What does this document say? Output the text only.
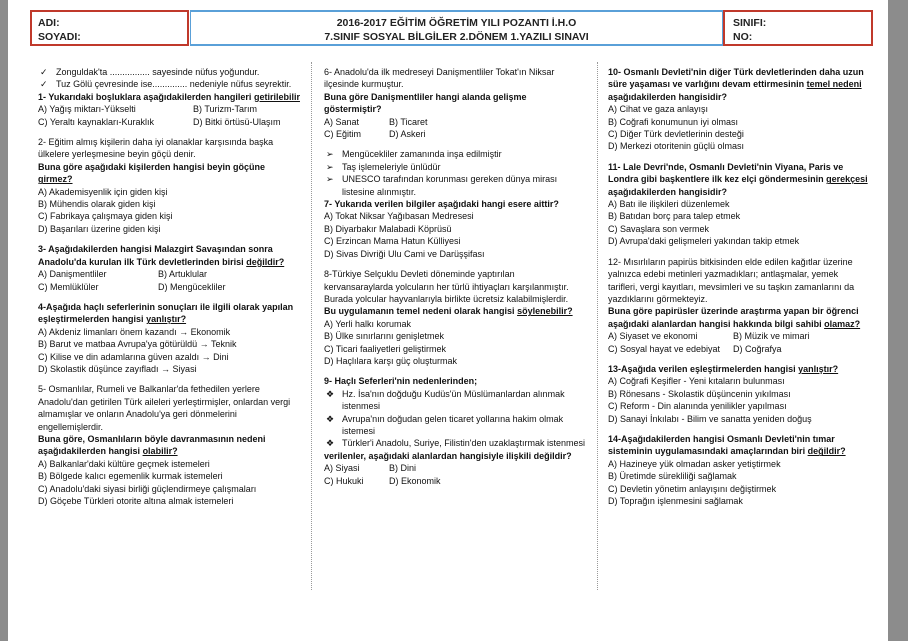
ADI:
SOYADI:
2016-2017 EĞİTİM ÖĞRETİM YILI POZANTI İ.H.O
7.SINIF SOSYAL BİLGİLER 2.DÖNEM 1.YAZILI SINAVI
SINIFI:
NO:

✓ Zonguldak'ta ................ sayesinde nüfus yoğundur.

✓ Tuz Gölü çevresinde ise.............. nedeniyle nüfus seyrektir.

1- Yukarıdaki boşluklara aşağıdakilerden hangileri getirilebilir

A) Yağış miktarı-Yükselti	B) Turizm-Tarım

C) Yeraltı kaynakları-Kuraklık	D) Bitki örtüsü-Ulaşım

2- Eğitim almış kişilerin daha iyi olanaklar karşısında başka ülkelere yerleşmesine beyin göçü denir.

Buna göre aşağıdaki kişilerden hangisi beyin göçüne girmez?

A) Akademisyenlik için giden kişi

B) Mühendis olarak giden kişi

C) Fabrikaya çalışmaya giden kişi

D) Başarıları üzerine giden kişi

3- Aşağıdakilerden hangisi Malazgirt Savaşından sonra Anadolu'da kurulan ilk Türk devletlerinden birisi değildir?

A) Danişmentliler	B) Artuklular

C) Memlüklüler	D) Mengücekliler

4-Aşağıda haçlı seferlerinin sonuçları ile ilgili olarak yapılan eşleştirmelerden hangisi yanlıştır?

A) Akdeniz limanları önem kazandı → Ekonomik

B) Barut ve matbaa Avrupa'ya götürüldü → Teknik

C) Kilise ve din adamlarına güven azaldı → Dini

D) Skolastik düşünce zayıfladı → Siyasi

5- Osmanlılar, Rumeli ve Balkanlar'da fethedilen yerlere Anadolu'dan getirilen Türk aileleri yerleştirmişler, onlardan vergi almamışlar ve onların Anadolu'ya geri dönmelerini engellemişlerdir.

Buna göre, Osmanlıların böyle davranmasının nedeni aşağıdakilerden hangisi olabilir?

A) Balkanlar'daki kültüre geçmek istemeleri

B) Bölgede kalıcı egemenlik kurmak istemeleri

C) Anadolu'daki siyasi birliği güçlendirmeye çalışmaları

D) Göçebe Türkleri otorite altına almak istemeleri

6- Anadolu'da ilk medreseyi Danişmentliler Tokat'ın Niksar ilçesinde kurmuştur.

Buna göre Danişmentliler hangi alanda gelişme göstermiştir?

A) Sanat	B) Ticaret

C) Eğitim	D) Askeri

➢ Mengücekliler zamanında inşa edilmiştir

➢ Taş işlemeleriyle ünlüdür

➢ UNESCO tarafından korunması gereken dünya mirası listesine alınmıştır.

7- Yukarıda verilen bilgiler aşağıdaki hangi esere aittir?

A) Tokat Niksar Yağıbasan Medresesi

B) Diyarbakır Malabadi Köprüsü

C) Erzincan Mama Hatun Külliyesi

D) Sivas Divriği Ulu Cami ve Darüşşifası

8-Türkiye Selçuklu Devleti döneminde yaptırılan kervansaraylarda yolcuların her türlü ihtiyaçları karşılanmıştır. Burada yolcular hayvanlarıyla birlikte ücretsiz kalabilmişlerdir.

Bu uygulamanın temel nedeni olarak hangisi söylenebilir?

A) Yerli halkı korumak

B) Ülke sınırlarını genişletmek

C) Ticari faaliyetleri geliştirmek

D) Haçlılara karşı güç oluşturmak

9- Haçlı Seferleri'nin nedenlerinden;

❖ Hz. İsa'nın doğduğu Kudüs'ün Müslümanlardan alınmak istenmesi

❖ Avrupa'nın doğudan gelen ticaret yollarına hakim olmak istemesi

❖ Türkler'i Anadolu, Suriye, Filistin'den uzaklaştırmak istenmesi

verilenler, aşağıdaki alanlardan hangisiyle ilişkili değildir?

A) Siyasi	B) Dini

C) Hukuki	D) Ekonomik

10- Osmanlı Devleti'nin diğer Türk devletlerinden daha uzun süre yaşaması ve varlığını devam ettirmesinin temel nedeni aşağıdakilerden hangisidir?

A) Cihat ve gaza anlayışı

B) Coğrafi konumunun iyi olması

C) Diğer Türk devletlerinin desteği

D) Merkezi otoritenin güçlü olması

11- Lale Devri'nde, Osmanlı Devleti'nin Viyana, Paris ve Londra gibi başkentlere ilk kez elçi göndermesinin gerekçesi aşağıdakilerden hangisidir?

A) Batı ile ilişkileri düzenlemek

B) Batıdan borç para talep etmek

C) Savaşlara son vermek

D) Avrupa'daki gelişmeleri yakından takip etmek

12- Mısırlıların papirüs bitkisinden elde edilen kağıtlar üzerine yalnızca edebi metinleri yazmadıkları; antlaşmalar, yemek tarifleri, vergi kayıtları, mevsimleri ve su taşkın zamanlarını da yazdıklarını görmekteyiz.

Buna göre papirüsler üzerinde araştırma yapan bir öğrenci aşağıdaki alanlardan hangisi hakkında bilgi sahibi olamaz?

A) Siyaset ve ekonomi	B) Müzik ve mimari

C) Sosyal hayat ve edebiyat	D) Coğrafya

13-Aşağıda verilen eşleştirmelerden hangisi yanlıştır?

A) Coğrafi Keşifler - Yeni kıtaların bulunması

B) Rönesans - Skolastik düşüncenin yıkılması

C) Reform - Din alanında yenilikler yapılması

D) Sanayi İnkılabı - Bilim ve sanatta yeniden doğuş

14-Aşağıdakilerden hangisi Osmanlı Devleti'nin tımar sisteminin uygulamasındaki amaçlarından biri değildir?

A) Hazineye yük olmadan asker yetiştirmek

B) Üretimde sürekliliği sağlamak

C) Devletin yönetim anlayışını değiştirmek

D) Toprağın işlenmesini sağlamak
